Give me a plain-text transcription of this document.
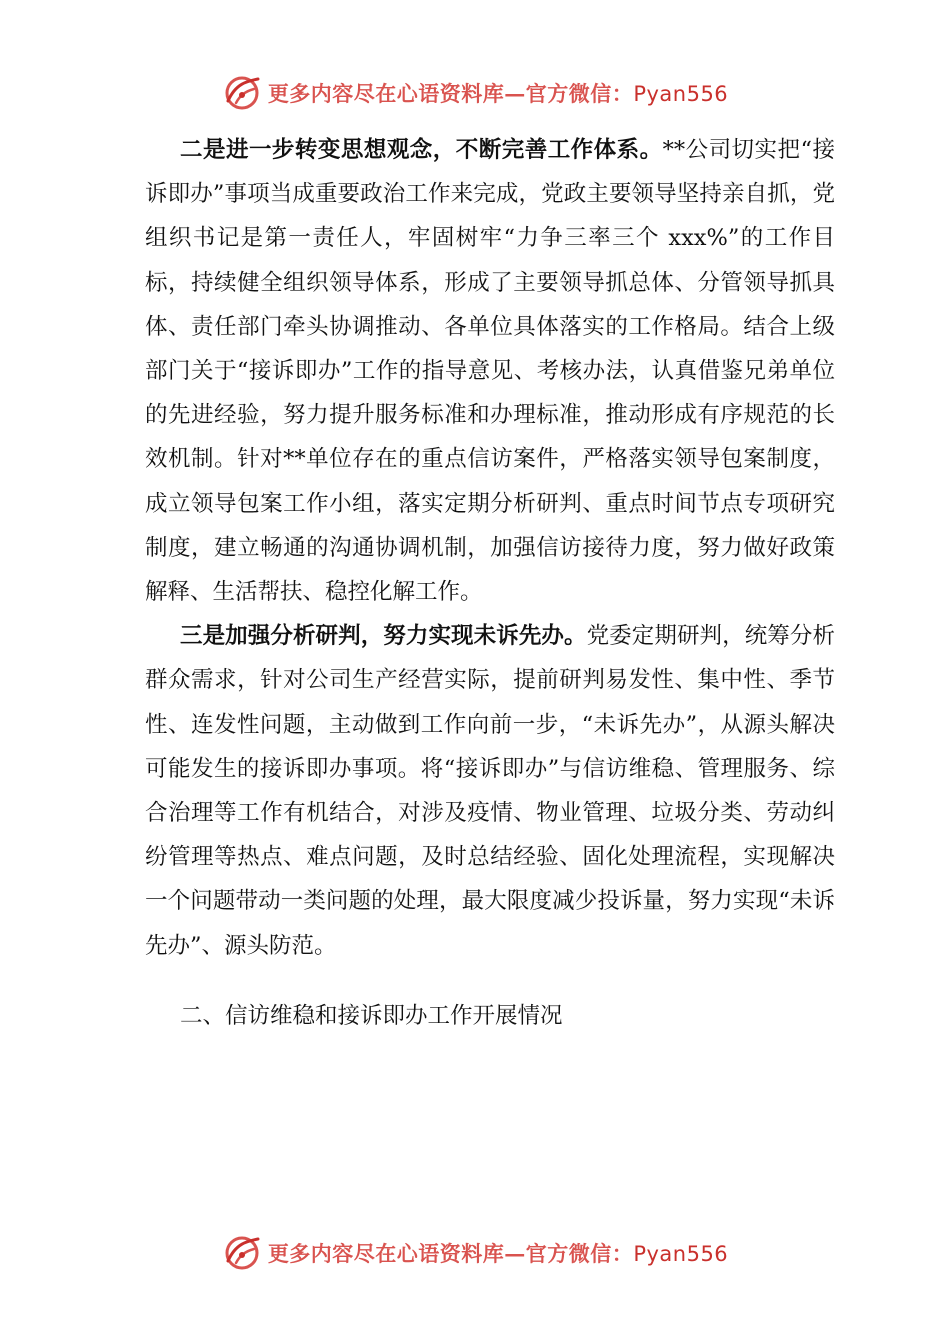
更多内容尽在心语资料库—官方微信：Pyan556

二是进一步转变思想观念，不断完善工作体系。**公司切实把“接诉即办”事项当成重要政治工作来完成，党政主要领导坚持亲自抓，党组织书记是第一责任人，牢固树牢“力争三率三个 xxx%”的工作目标，持续健全组织领导体系，形成了主要领导抓总体、分管领导抓具体、责任部门牵头协调推动、各单位具体落实的工作格局。结合上级部门关于“接诉即办”工作的指导意见、考核办法，认真借鉴兄弟单位的先进经验，努力提升服务标准和办理标准，推动形成有序规范的长效机制。针对**单位存在的重点信访案件，严格落实领导包案制度，成立领导包案工作小组，落实定期分析研判、重点时间节点专项研究制度，建立畅通的沟通协调机制，加强信访接待力度，努力做好政策解释、生活帮扶、稳控化解工作。

三是加强分析研判，努力实现未诉先办。党委定期研判，统筹分析群众需求，针对公司生产经营实际，提前研判易发性、集中性、季节性、连发性问题，主动做到工作向前一步，“未诉先办”，从源头解决可能发生的接诉即办事项。将“接诉即办”与信访维稳、管理服务、综合治理等工作有机结合，对涉及疫情、物业管理、垃圾分类、劳动纠纷管理等热点、难点问题，及时总结经验、固化处理流程，实现解决一个问题带动一类问题的处理，最大限度减少投诉量，努力实现“未诉先办”、源头防范。

二、信访维稳和接诉即办工作开展情况

更多内容尽在心语资料库—官方微信：Pyan556
